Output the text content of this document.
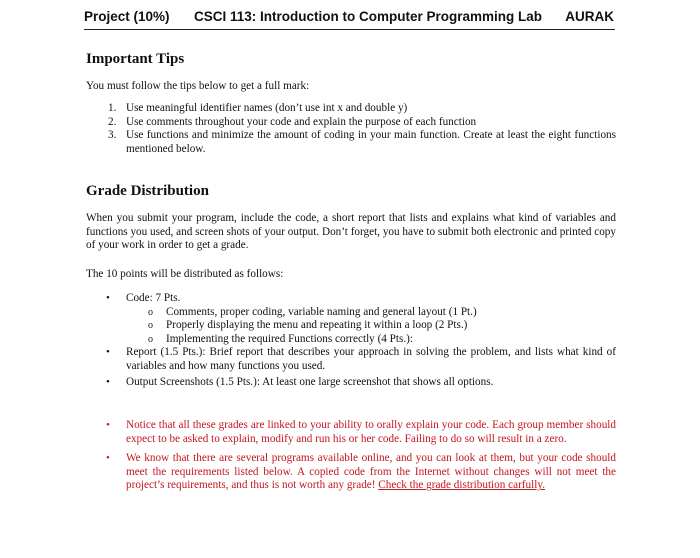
Project (10%) CSCI 113: Introduction to Computer Programming Lab AURAK
Important Tips
You must follow the tips below to get a full mark:
1. Use meaningful identifier names (don’t use int x and double y)
2. Use comments throughout your code and explain the purpose of each function
3. Use functions and minimize the amount of coding in your main function. Create at least the eight functions mentioned below.
Grade Distribution
When you submit your program, include the code, a short report that lists and explains what kind of variables and functions you used, and screen shots of your output. Don’t forget, you have to submit both electronic and printed copy of your work in order to get a grade.
The 10 points will be distributed as follows:
• Code: 7 Pts.
o Comments, proper coding, variable naming and general layout (1 Pt.)
o Properly displaying the menu and repeating it within a loop (2 Pts.)
o Implementing the required Functions correctly (4 Pts.):
• Report (1.5 Pts.): Brief report that describes your approach in solving the problem, and lists what kind of variables and how many functions you used.
• Output Screenshots (1.5 Pts.): At least one large screenshot that shows all options.
• Notice that all these grades are linked to your ability to orally explain your code. Each group member should expect to be asked to explain, modify and run his or her code. Failing to do so will result in a zero.
• We know that there are several programs available online, and you can look at them, but your code should meet the requirements listed below. A copied code from the Internet without changes will not meet the project’s requirements, and thus is not worth any grade! Check the grade distribution carfully.
